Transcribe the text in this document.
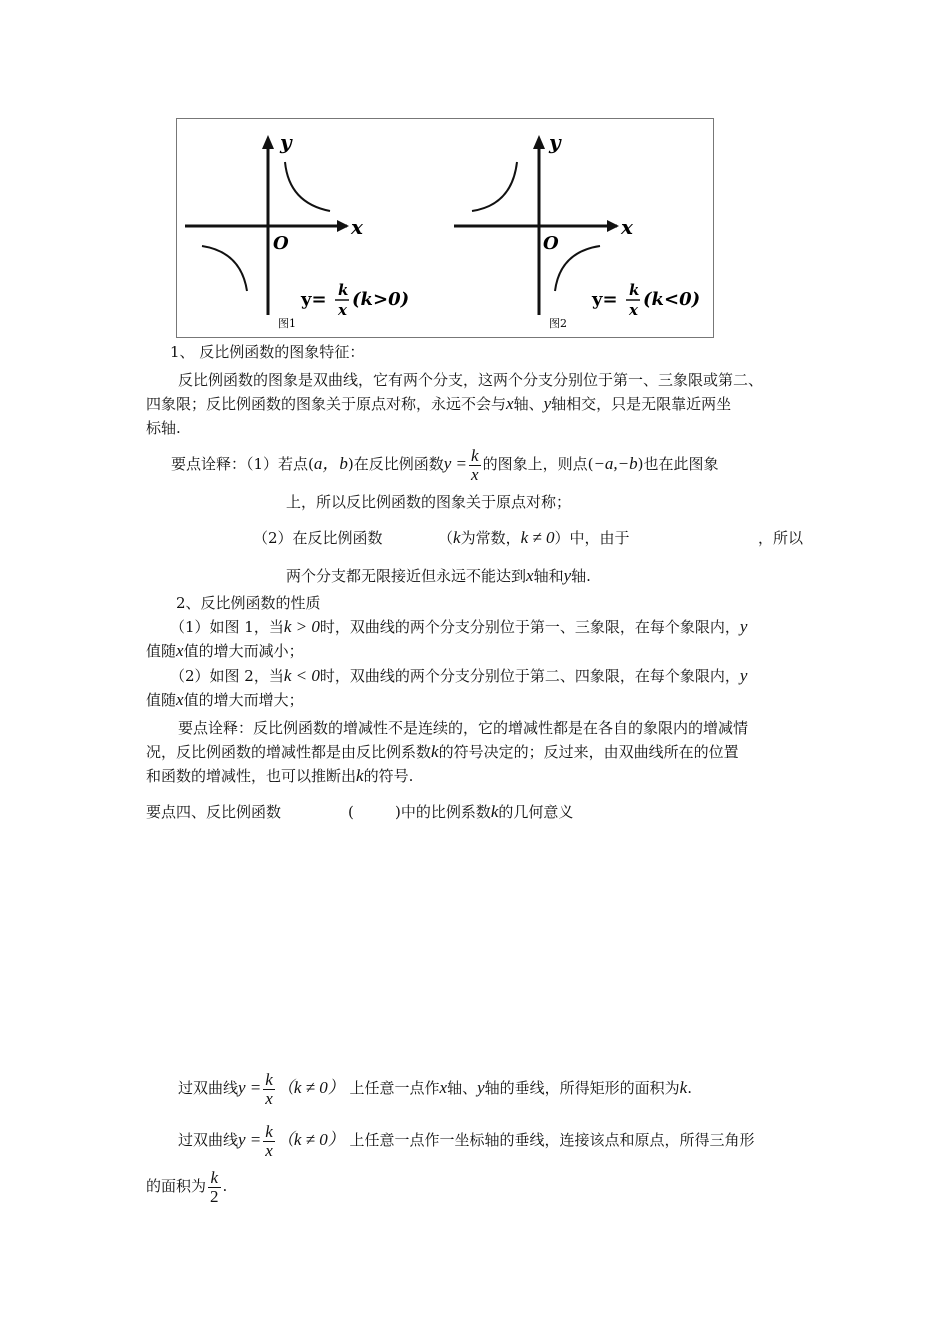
y
x
O
y= k
x (k>0)
图1
y
x
O
y= k
x (k<0)
图2
1、 反比例函数的图象特征：
反比例函数的图象是双曲线，它有两个分支，这两个分支分别位于第一、三象限或第二、
四象限；反比例函数的图象关于原点对称，永远不会与x轴、y轴相交，只是无限靠近两坐
标轴.
要点诠释：（1）若点(a，b)在反比例函数$y = \frac{k}{x}$ 的图象上，则点(−a,−b)也在此图象
上，所以反比例函数的图象关于原点对称；
（2）在反比例函数	（k为常数，k ≠ 0）中，由于	，所以
两个分支都无限接近但永远不能达到x轴和y轴.
2、反比例函数的性质
（1）如图 1，当k > 0时，双曲线的两个分支分别位于第一、三象限，在每个象限内，y
值随x值的增大而减小；
（2）如图 2，当k < 0时，双曲线的两个分支分别位于第二、四象限，在每个象限内，y
值随x值的增大而增大；
要点诠释：反比例函数的增减性不是连续的，它的增减性都是在各自的象限内的增减情
况，反比例函数的增减性都是由反比例系数k的符号决定的；反过来，由双曲线所在的位置
和函数的增减性，也可以推断出k的符号.
要点四、反比例函数	(	)中的比例系数k的几何意义
过双曲线$y = \frac{k}{x} (k \ne 0)$ 上任意一点作x轴、y轴的垂线，所得矩形的面积为k.
过双曲线$y = \frac{k}{x} (k \ne 0)$ 上任意一点作一坐标轴的垂线，连接该点和原点，所得三角形
的面积为 $\frac{k}{2}$ .
